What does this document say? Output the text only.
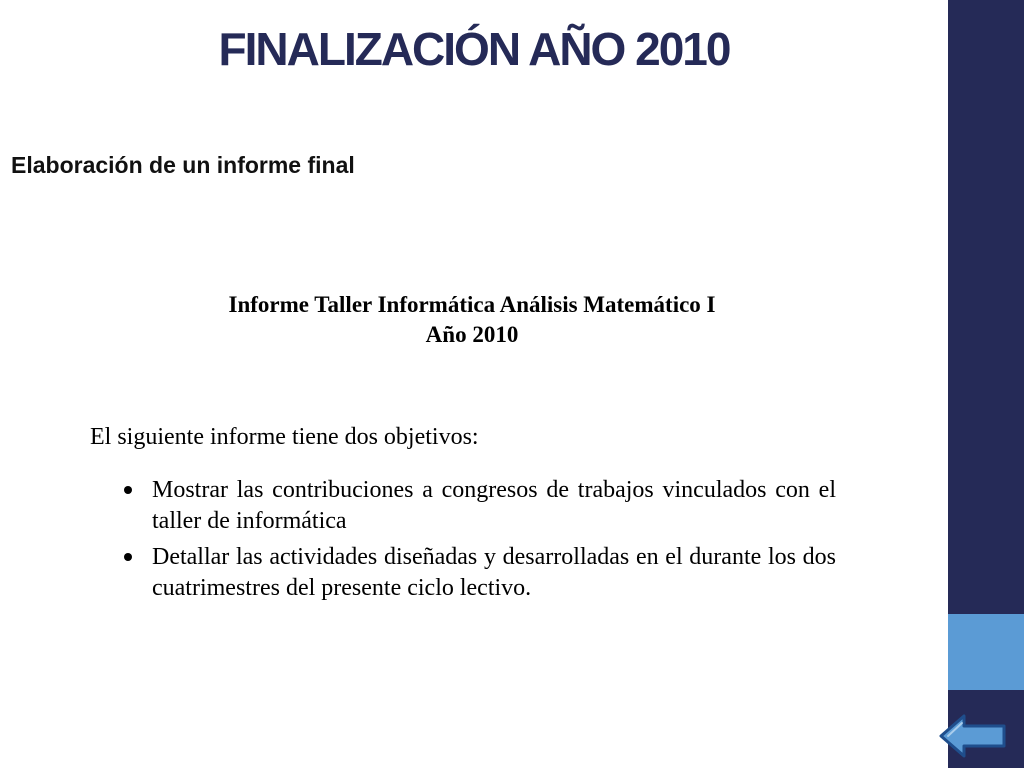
FINALIZACIÓN AÑO 2010

Elaboración de un informe final

Informe Taller Informática Análisis Matemático I
Año 2010

El siguiente informe tiene dos objetivos:

Mostrar las contribuciones a congresos de trabajos vinculados con el taller de informática
Detallar las actividades diseñadas y desarrolladas en el durante los dos cuatrimestres del presente ciclo lectivo.
